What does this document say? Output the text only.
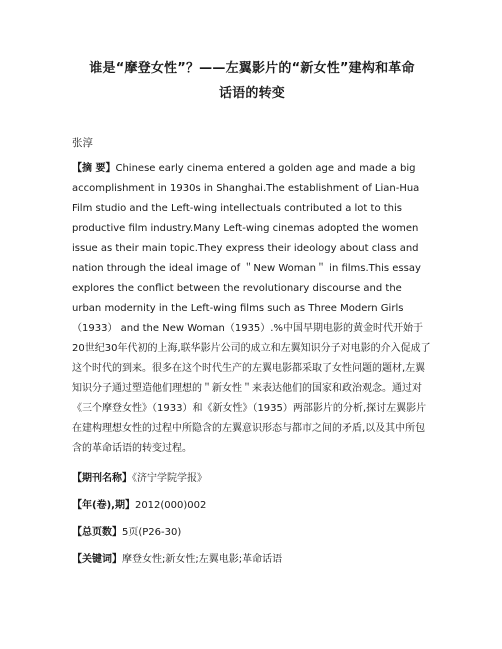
谁是“摩登女性”？——左翼影片的“新女性”建构和革命
话语的转变

张淳
【摘 要】Chinese early cinema entered a golden age and made a big accomplishment in 1930s in Shanghai.The establishment of Lian-Hua Film studio and the Left-wing intellectuals contributed a lot to this productive film industry.Many Left-wing cinemas adopted the women issue as their main topic.They express their ideology about class and nation through the ideal image of ＂New Woman＂ in films.This essay explores the conflict between the revolutionary discourse and the urban modernity in the Left-wing films such as Three Modern Girls（1933） and the New Woman（1935）.%中国早期电影的黄金时代开始于20世纪30年代初的上海,联华影片公司的成立和左翼知识分子对电影的介入促成了这个时代的到来。很多在这个时代生产的左翼电影都采取了女性问题的题材,左翼知识分子通过塑造他们理想的＂新女性＂来表达他们的国家和政治观念。通过对《三个摩登女性》（1933）和《新女性》（1935）两部影片的分析,探讨左翼影片在建构理想女性的过程中所隐含的左翼意识形态与都市之间的矛盾,以及其中所包含的革命话语的转变过程。
【期刊名称】《济宁学院学报》
【年(卷),期】2012(000)002
【总页数】5页(P26-30)
【关键词】摩登女性;新女性;左翼电影;革命话语
